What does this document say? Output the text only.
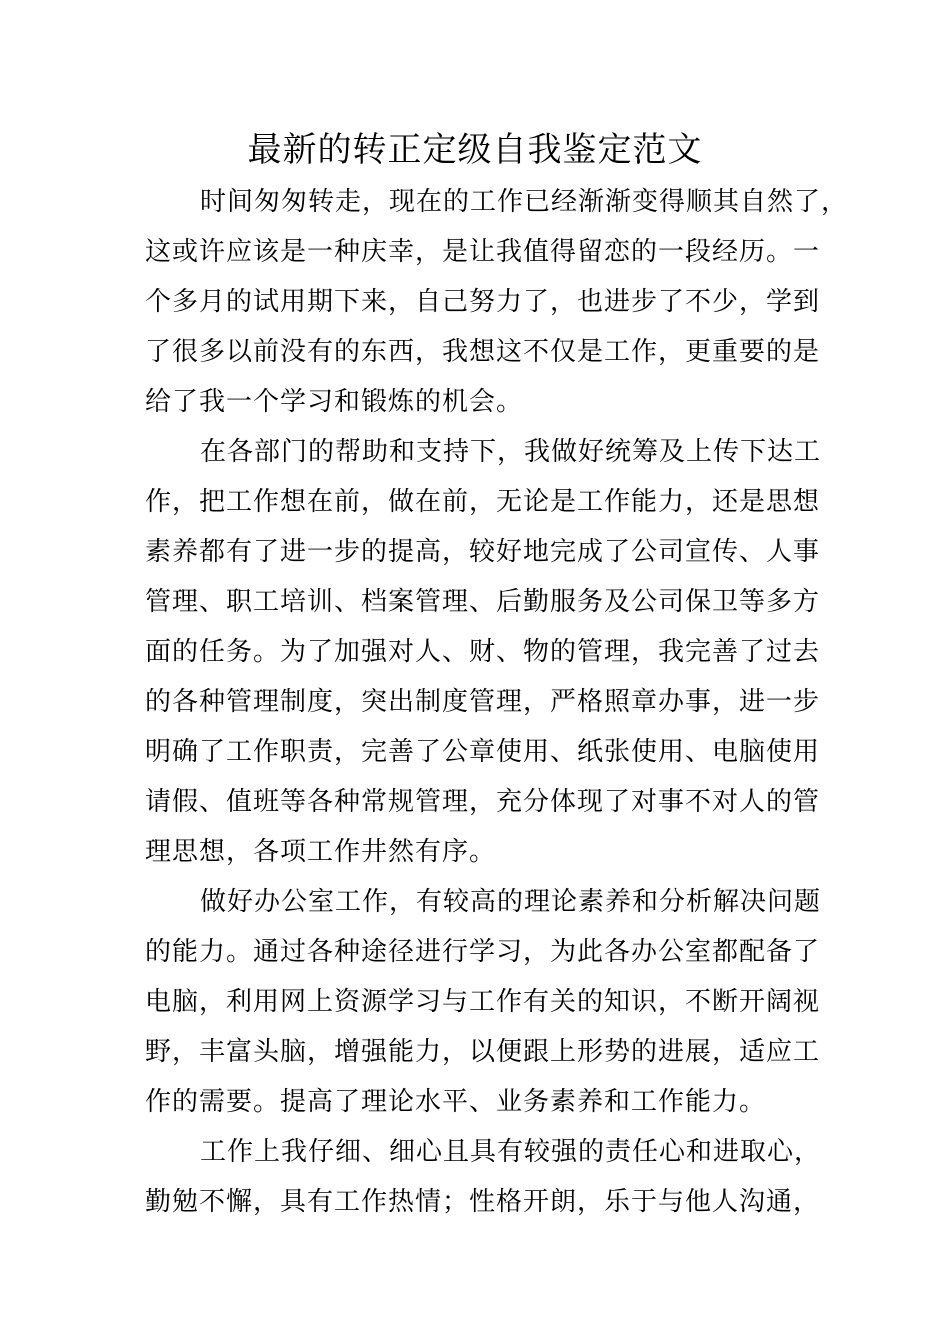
最新的转正定级自我鉴定范文
时间匆匆转走，现在的工作已经渐渐变得顺其自然了，
这或许应该是一种庆幸，是让我值得留恋的一段经历。一
个多月的试用期下来，自己努力了，也进步了不少，学到
了很多以前没有的东西，我想这不仅是工作，更重要的是
给了我一个学习和锻炼的机会。
在各部门的帮助和支持下，我做好统筹及上传下达工
作，把工作想在前，做在前，无论是工作能力，还是思想
素养都有了进一步的提高，较好地完成了公司宣传、人事
管理、职工培训、档案管理、后勤服务及公司保卫等多方
面的任务。为了加强对人、财、物的管理，我完善了过去
的各种管理制度，突出制度管理，严格照章办事，进一步
明确了工作职责，完善了公章使用、纸张使用、电脑使用
请假、值班等各种常规管理，充分体现了对事不对人的管
理思想，各项工作井然有序。
做好办公室工作，有较高的理论素养和分析解决问题
的能力。通过各种途径进行学习，为此各办公室都配备了
电脑，利用网上资源学习与工作有关的知识，不断开阔视
野，丰富头脑，增强能力，以便跟上形势的进展，适应工
作的需要。提高了理论水平、业务素养和工作能力。
工作上我仔细、细心且具有较强的责任心和进取心，
勤勉不懈，具有工作热情；性格开朗，乐于与他人沟通，
